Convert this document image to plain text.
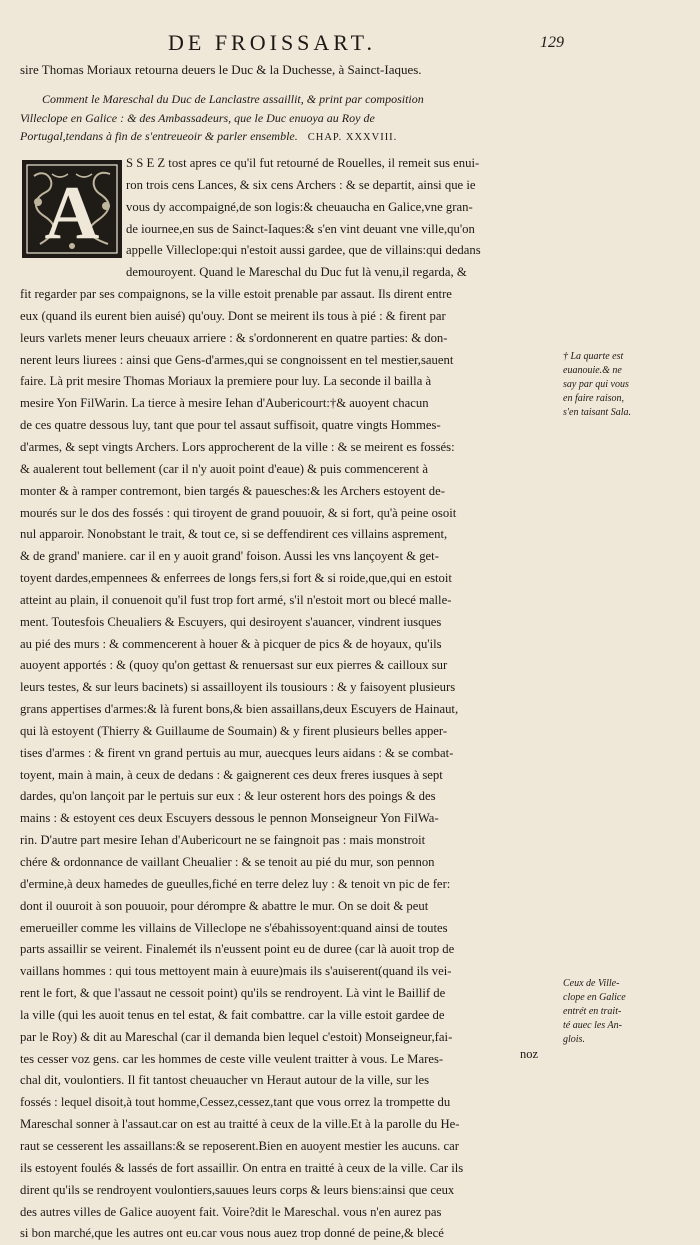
DE FROISSART.	129
sire Thomas Moriaux retourna deuers le Duc & la Duchesse, à Sainct-Iaques.
Comment le Mareschal du Duc de Lanclastre assaillit, & print par composition
Villeclope en Galice : & des Ambassadeurs, que le Duc enuoya au Roy de
Portugal,tendans à fin de s'entreueoir & parler ensemble. CHAP. XXXVIII.
A
S S E Z tost apres ce qu'il fut retourné de Rouelles, il remeit sus enui-
ron trois cens Lances, & six cens Archers : & se departit, ainsi que ie
vous dy accompaigné,de son logis:& cheuaucha en Galice,vne gran-
de iournee,en sus de Sainct-Iaques:& s'en vint deuant vne ville,qu'on
appelle Villeclope:qui n'estoit aussi gardee, que de villains:qui dedans
demouroyent. Quand le Mareschal du Duc fut là venu,il regarda, &
fit regarder par ses compaignons, se la ville estoit prenable par assaut. Ils dirent entre
eux (quand ils eurent bien auisé) qu'ouy. Dont se meirent ils tous à pié : & firent par
leurs varlets mener leurs cheuaux arriere : & s'ordonnerent en quatre parties: & don-
nerent leurs liurees : ainsi que Gens-d'armes,qui se congnoissent en tel mestier,sauent
faire. Là prit mesire Thomas Moriaux la premiere pour luy. La seconde il bailla à
mesire Yon FilWarin. La tierce à mesire Iehan d'Aubericourt:†& auoyent chacun
de ces quatre dessous luy, tant que pour tel assaut suffisoit, quatre vingts Hommes-
d'armes, & sept vingts Archers. Lors approcherent de la ville : & se meirent es fossés:
& aualerent tout bellement (car il n'y auoit point d'eaue) & puis commencerent à
monter & à ramper contremont, bien targés & pauesches:& les Archers estoyent de-
mourés sur le dos des fossés : qui tiroyent de grand pouuoir, & si fort, qu'à peine osoit
nul apparoir. Nonobstant le trait, & tout ce, si se deffendirent ces villains asprement,
& de grand' maniere. car il en y auoit grand' foison. Aussi les vns lançoyent & get-
toyent dardes,empennees & enferrees de longs fers,si fort & si roide,que,qui en estoit
atteint au plain, il conuenoit qu'il fust trop fort armé, s'il n'estoit mort ou blecé malle-
ment. Toutesfois Cheualiers & Escuyers, qui desiroyent s'auancer, vindrent iusques
au pié des murs : & commencerent à houer & à picquer de pics & de hoyaux, qu'ils
auoyent apportés : & (quoy qu'on gettast & renuersast sur eux pierres & cailloux sur
leurs testes, & sur leurs bacinets) si assailloyent ils tousiours : & y faisoyent plusieurs
grans appertises d'armes:& là furent bons,& bien assaillans,deux Escuyers de Hainaut,
qui là estoyent (Thierry & Guillaume de Soumain) & y firent plusieurs belles apper-
tises d'armes : & firent vn grand pertuis au mur, auecques leurs aidans : & se combat-
toyent, main à main, à ceux de dedans : & gaignerent ces deux freres iusques à sept
dardes, qu'on lançoit par le pertuis sur eux : & leur osterent hors des poings & des
mains : & estoyent ces deux Escuyers dessous le pennon Monseigneur Yon FilWa-
rin. D'autre part mesire Iehan d'Aubericourt ne se faingnoit pas : mais monstroit
chére & ordonnance de vaillant Cheualier : & se tenoit au pié du mur, son pennon
d'ermine,à deux hamedes de gueulles,fiché en terre delez luy : & tenoit vn pic de fer:
dont il ouuroit à son pouuoir, pour dérompre & abattre le mur. On se doit & peut
emerueiller comme les villains de Villeclope ne s'ébahissoyent:quand ainsi de toutes
parts assaillir se veirent. Finalemét ils n'eussent point eu de duree (car là auoit trop de
vaillans hommes : qui tous mettoyent main à euure)mais ils s'auiserent(quand ils vei-
rent le fort, & que l'assaut ne cessoit point) qu'ils se rendroyent. Là vint le Baillif de
la ville (qui les auoit tenus en tel estat, & fait combattre. car la ville estoit gardee de
par le Roy) & dit au Mareschal (car il demanda bien lequel c'estoit) Monseigneur,fai-
tes cesser voz gens. car les hommes de ceste ville veulent traitter à vous. Le Mares-
chal dit, voulontiers. Il fit tantost cheuaucher vn Heraut autour de la ville, sur les
fossés : lequel disoit,à tout homme,Cessez,cessez,tant que vous orrez la trompette du
Mareschal sonner à l'assaut.car on est au traitté à ceux de la ville.Et à la parolle du He-
raut se cesserent les assaillans:& se reposerent.Bien en auoyent mestier les aucuns. car
ils estoyent foulés & lassés de fort assaillir. On entra en traitté à ceux de la ville. Car ils
dirent qu'ils se rendroyent voulontiers,sauues leurs corps & leurs biens:ainsi que ceux
des autres villes de Galice auoyent fait. Voire?dit le Mareschal. vous n'en aurez pas
si bon marché,que les autres ont eu.car vous nous auez trop donné de peine,& blecé
noz
† La quarte est
euanouie.& ne
say par qui vous
en faire raison,
s'en taisant Sala.
Ceux de Ville-
clope en Galice
entrét en trait-
té auec les An-
glois.
